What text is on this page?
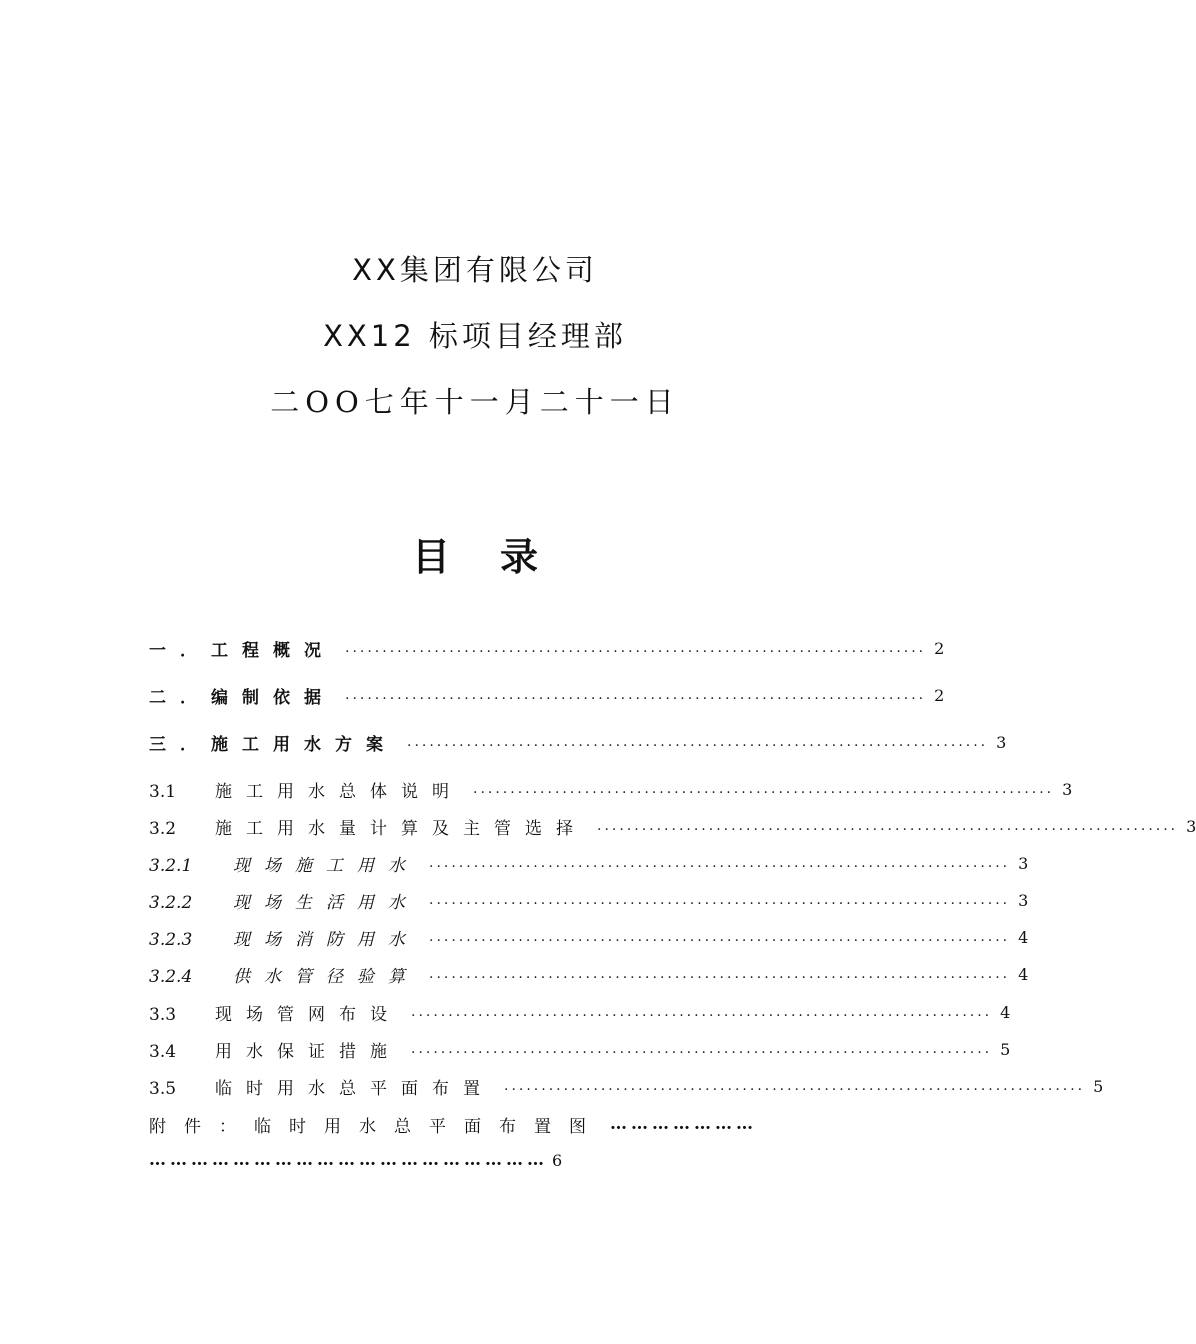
XX集团有限公司
XX12 标项目经理部
二OO七年十一月二十一日
目录
一．工程概况 .............................................................................. 2
二．编制依据 .............................................................................. 2
三．施工用水方案 .............................................................................. 3
3.1 施工用水总体说明 .............................................................................. 3
3.2 施工用水量计算及主管选择 .............................................................................. 3
3.2.1 现场施工用水 .............................................................................. 3
3.2.2 现场生活用水 .............................................................................. 3
3.2.3 现场消防用水 .............................................................................. 4
3.2.4 供水管径验算 .............................................................................. 4
3.3 现场管网布设 .............................................................................. 4
3.4 用水保证措施 .............................................................................. 5
3.5 临时用水总平面布置 .............................................................................. 5
附件：临时用水总平面布置图 …………………
………………………………………………… 6
